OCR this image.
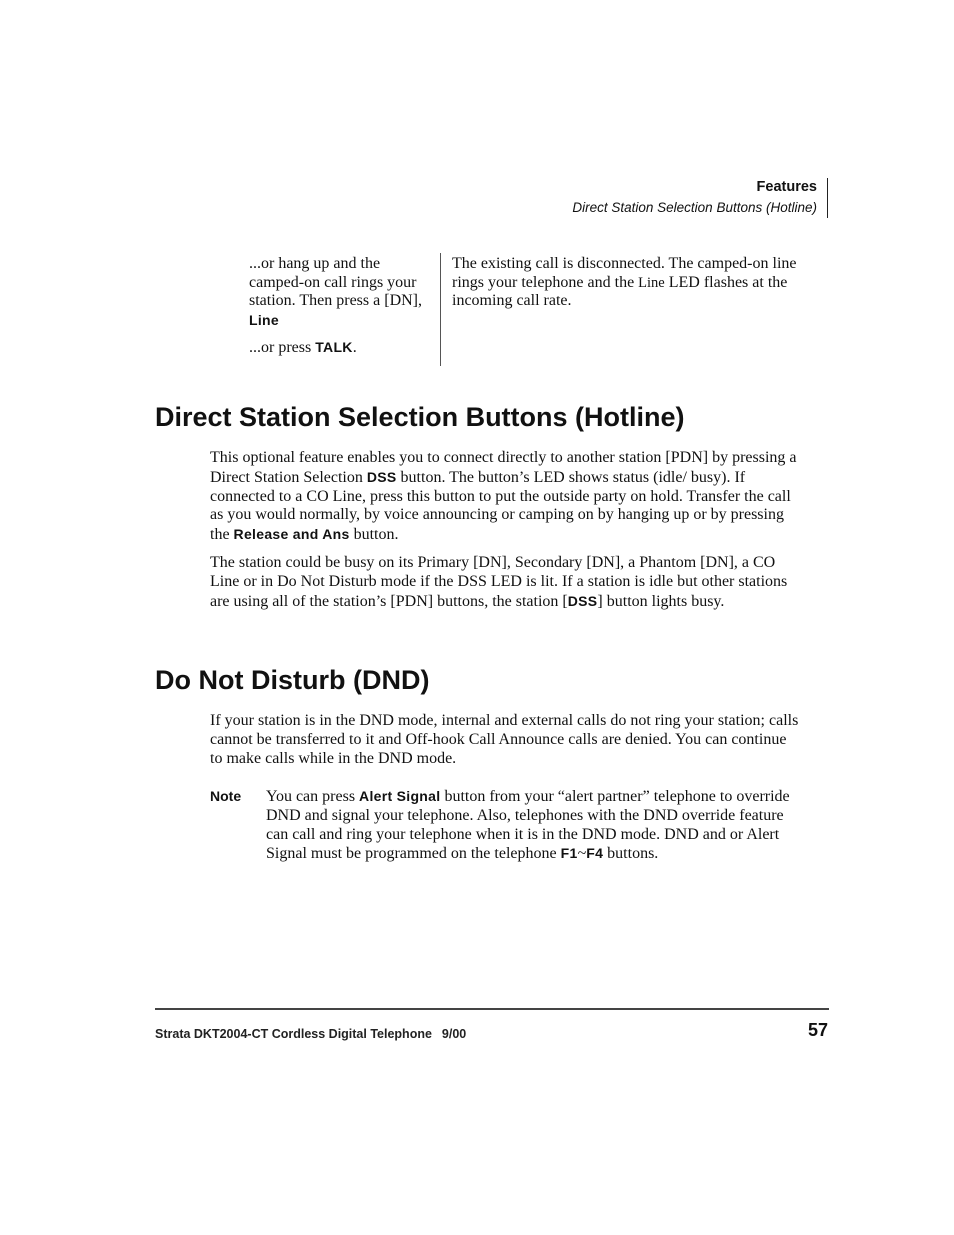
Features
Direct Station Selection Buttons (Hotline)

...or hang up and the camped-on call rings your station. Then press a [DN], Line

...or press TALK.

The existing call is disconnected. The camped-on line rings your telephone and the Line LED flashes at the incoming call rate.

Direct Station Selection Buttons (Hotline)

This optional feature enables you to connect directly to another station [PDN] by pressing a Direct Station Selection DSS button. The button’s LED shows status (idle/ busy). If connected to a CO Line, press this button to put the outside party on hold. Transfer the call as you would normally, by voice announcing or camping on by hanging up or by pressing the Release and Ans button.

The station could be busy on its Primary [DN], Secondary [DN], a Phantom [DN], a CO Line or in Do Not Disturb mode if the DSS LED is lit. If a station is idle but other stations are using all of the station’s [PDN] buttons, the station [DSS] button lights busy.

Do Not Disturb (DND)

If your station is in the DND mode, internal and external calls do not ring your station; calls cannot be transferred to it and Off-hook Call Announce calls are denied. You can continue to make calls while in the DND mode.

Note You can press Alert Signal button from your “alert partner” telephone to override DND and signal your telephone. Also, telephones with the DND override feature can call and ring your telephone when it is in the DND mode. DND and or Alert Signal must be programmed on the telephone F1~F4 buttons.
Strata DKT2004-CT Cordless Digital Telephone 9/00	57
